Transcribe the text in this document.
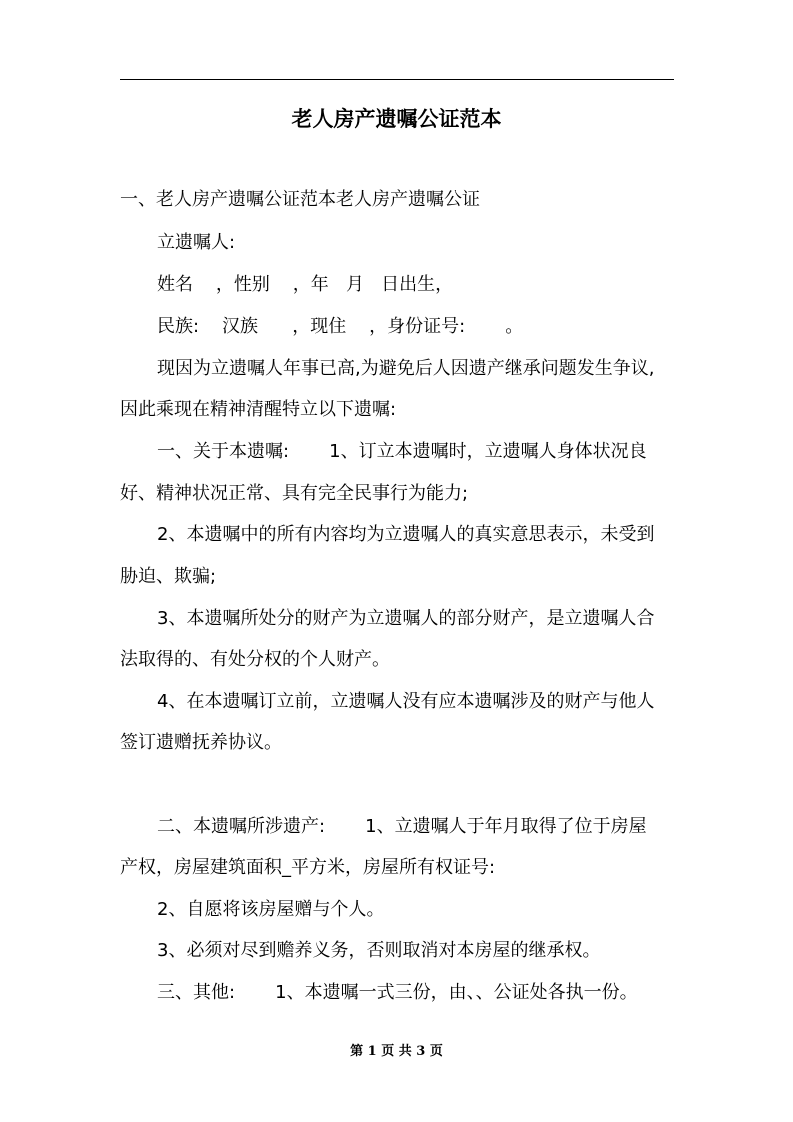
老人房产遗嘱公证范本

一、老人房产遗嘱公证范本老人房产遗嘱公证

立遗嘱人:

姓名    ，性别    ，年   月   日出生，

民族:    汉族      ，现住    ，身份证号:       。

现因为立遗嘱人年事已高,为避免后人因遗产继承问题发生争议,

因此乘现在精神清醒特立以下遗嘱:

一、关于本遗嘱:       1、订立本遗嘱时，立遗嘱人身体状况良

好、精神状况正常、具有完全民事行为能力;

2、本遗嘱中的所有内容均为立遗嘱人的真实意思表示，未受到

胁迫、欺骗;

3、本遗嘱所处分的财产为立遗嘱人的部分财产，是立遗嘱人合

法取得的、有处分权的个人财产。

4、在本遗嘱订立前，立遗嘱人没有应本遗嘱涉及的财产与他人

签订遗赠抚养协议。

二、本遗嘱所涉遗产:       1、立遗嘱人于年月取得了位于房屋

产权，房屋建筑面积_平方米，房屋所有权证号:

2、自愿将该房屋赠与个人。

3、必须对尽到赡养义务，否则取消对本房屋的继承权。

三、其他:       1、本遗嘱一式三份，由、、公证处各执一份。

第 1 页 共 3 页
